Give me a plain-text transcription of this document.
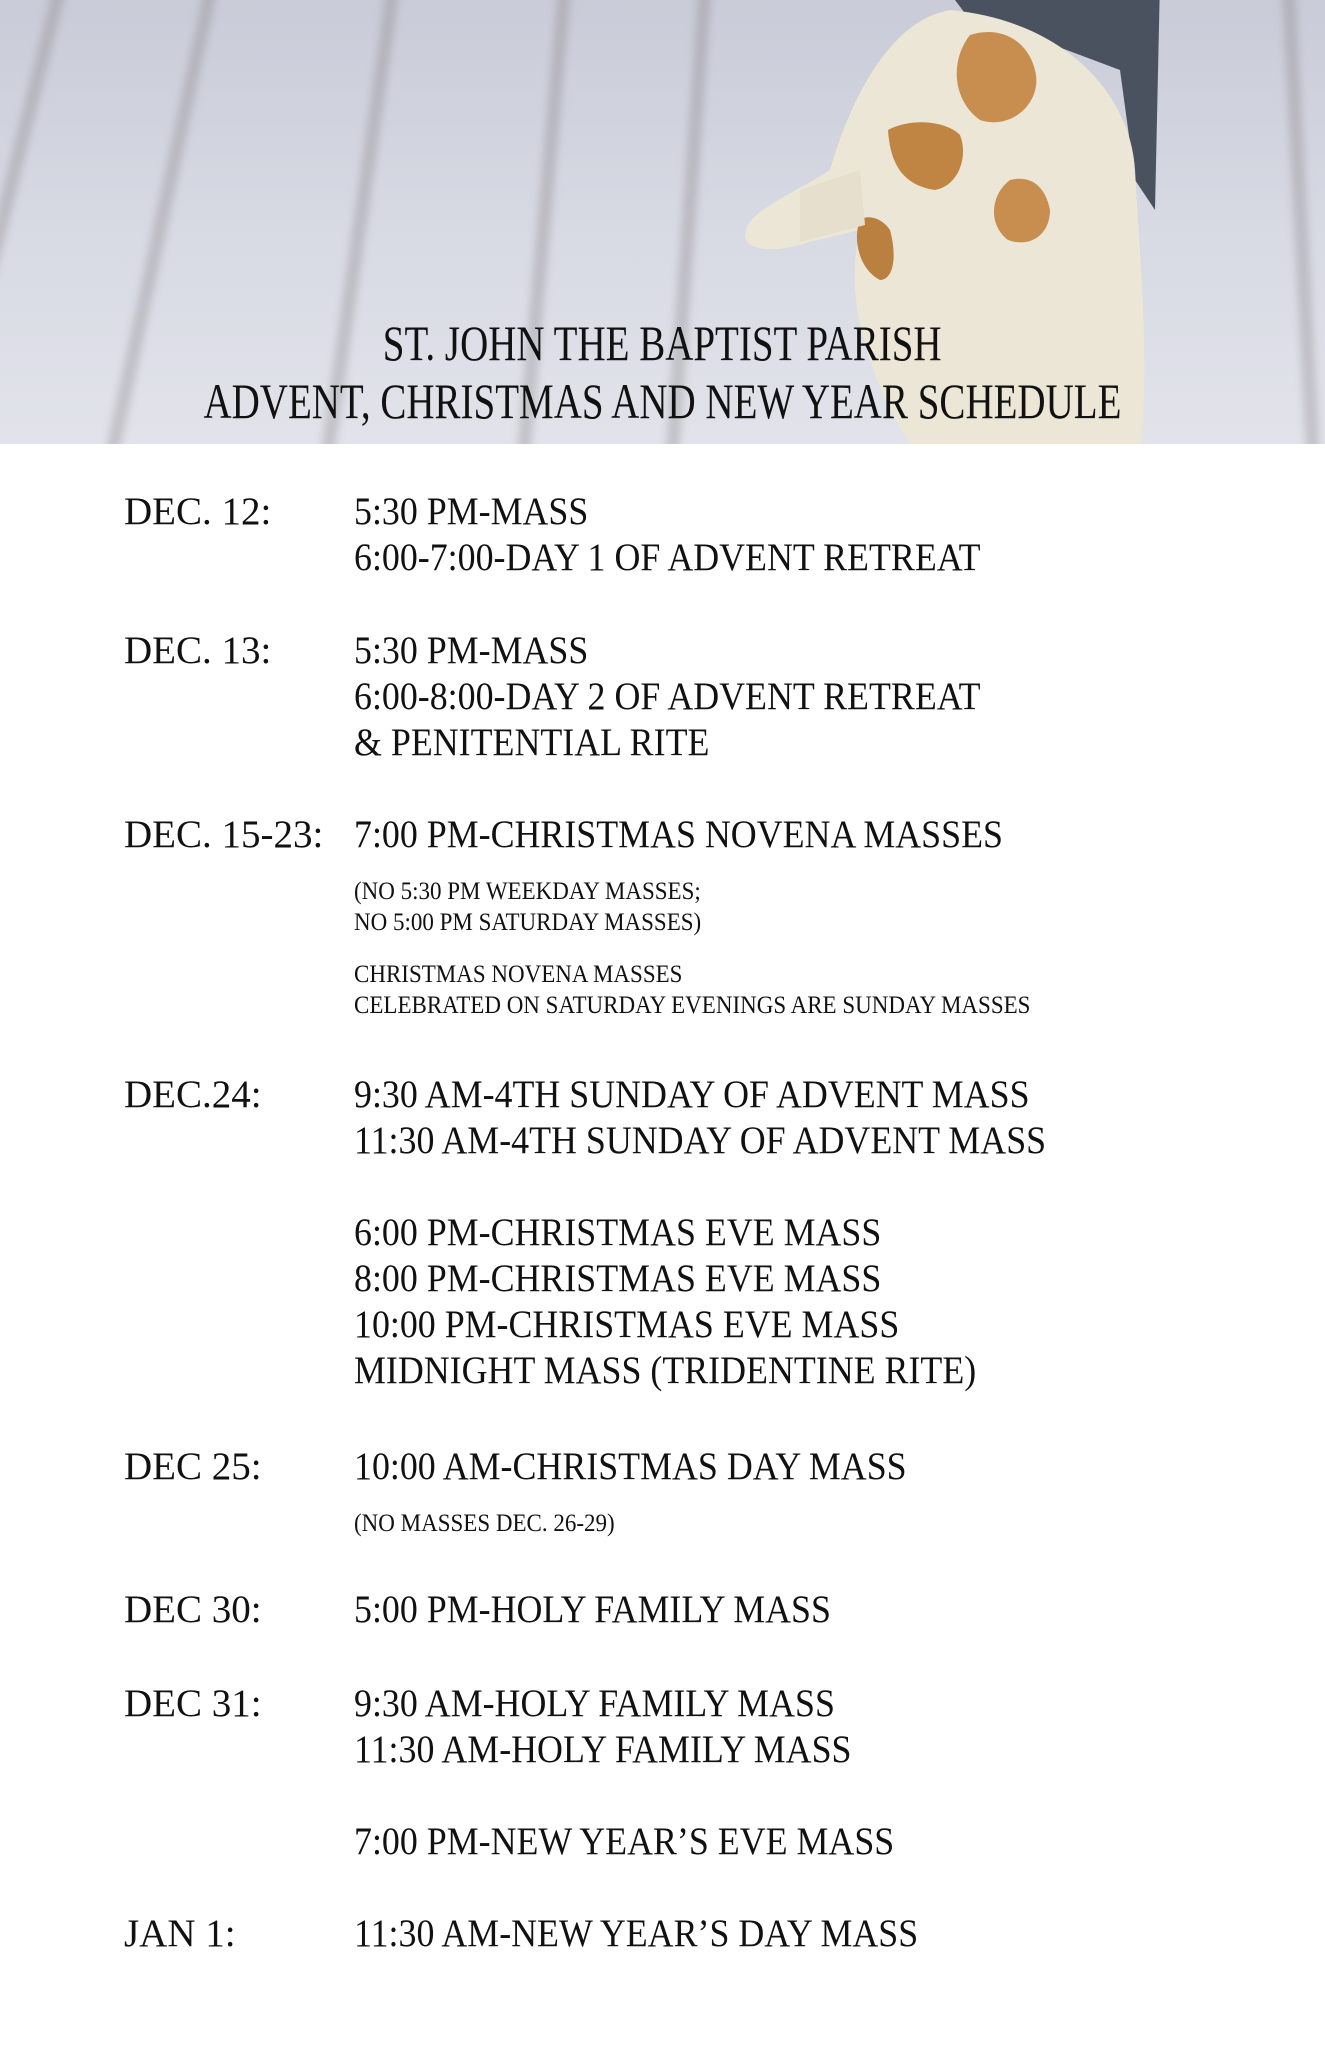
ST. JOHN THE BAPTIST PARISH
ADVENT, CHRISTMAS AND NEW YEAR SCHEDULE
DEC. 12: 5:30 PM-MASS
6:00-7:00-DAY 1 OF ADVENT RETREAT
DEC. 13: 5:30 PM-MASS
6:00-8:00-DAY 2 OF ADVENT RETREAT
& PENITENTIAL RITE
DEC. 15-23: 7:00 PM-CHRISTMAS NOVENA MASSES
(NO 5:30 PM WEEKDAY MASSES;
NO 5:00 PM SATURDAY MASSES)
CHRISTMAS NOVENA MASSES
CELEBRATED ON SATURDAY EVENINGS ARE SUNDAY MASSES
DEC.24: 9:30 AM-4TH SUNDAY OF ADVENT MASS
11:30 AM-4TH SUNDAY OF ADVENT MASS
6:00 PM-CHRISTMAS EVE MASS
8:00 PM-CHRISTMAS EVE MASS
10:00 PM-CHRISTMAS EVE MASS
MIDNIGHT MASS (TRIDENTINE RITE)
DEC 25: 10:00 AM-CHRISTMAS DAY MASS
(NO MASSES DEC. 26-29)
DEC 30: 5:00 PM-HOLY FAMILY MASS
DEC 31: 9:30 AM-HOLY FAMILY MASS
11:30 AM-HOLY FAMILY MASS
7:00 PM-NEW YEAR’S EVE MASS
JAN 1:	11:30 AM-NEW YEAR’S DAY MASS
